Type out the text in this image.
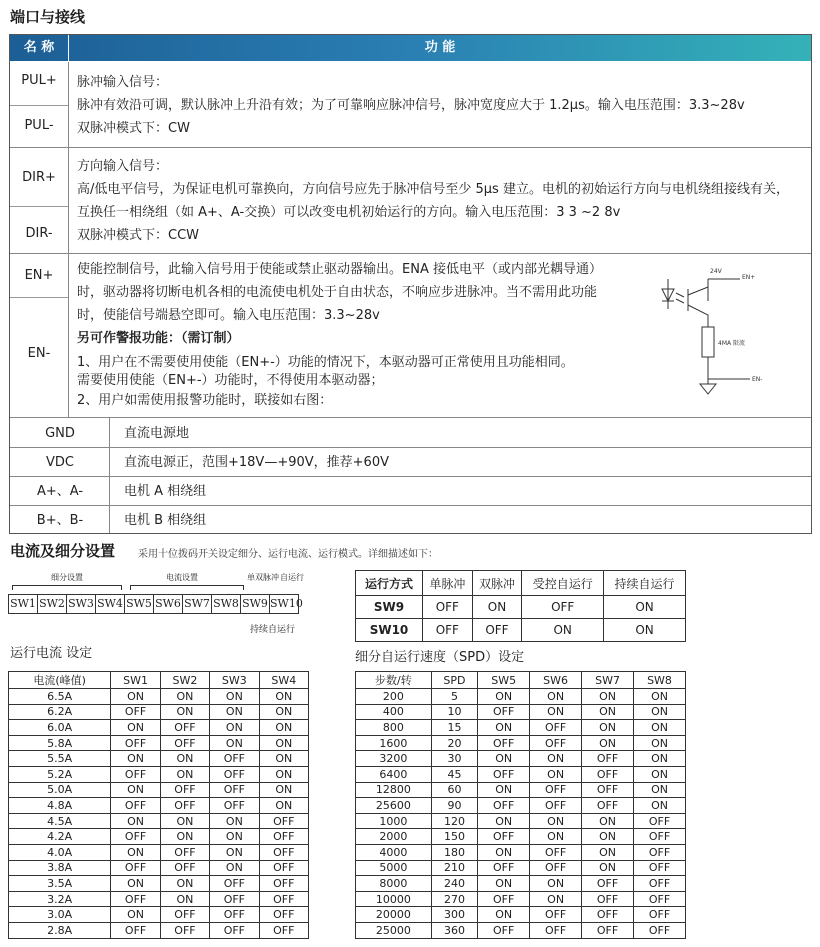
端口与接线
名 称	功 能
PUL+
PUL-
脉冲输入信号：
脉冲有效沿可调，默认脉冲上升沿有效；为了可靠响应脉冲信号，脉冲宽度应大于 1.2μs。输入电压范围：3.3~28v
双脉冲模式下：CW
DIR+
DIR-
方向输入信号：
高/低电平信号，为保证电机可靠换向，方向信号应先于脉冲信号至少 5μs 建立。电机的初始运行方向与电机绕组接线有关，
互换任一相绕组（如 A+、A-交换）可以改变电机初始运行的方向。输入电压范围：3 3 ~2 8v
双脉冲模式下：CCW
EN+
EN-
使能控制信号，此输入信号用于使能或禁止驱动器输出。ENA 接低电平（或内部光耦导通）
时，驱动器将切断电机各相的电流使电机处于自由状态，不响应步进脉冲。当不需用此功能
时，使能信号端悬空即可。输入电压范围：3.3~28v
另可作警报功能：（需订制）
1、用户在不需要使用使能（EN+-）功能的情况下，本驱动器可正常使用且功能相同。
需要使用使能（EN+-）功能时，不得使用本驱动器；
2、用户如需使用报警功能时，联接如右图：
24V
EN+
4MA 限流
EN-
GND	直流电源地
VDC	直流电源正，范围+18V—+90V，推荐+60V
A+、A-	电机 A 相绕组
B+、B-	电机 B 相绕组
电流及细分设置 采用十位拨码开关设定细分、运行电流、运行模式。详细描述如下：
细分设置	电流设置	单双脉冲 自运行
SW1 SW2 SW3 SW4 SW5 SW6 SW7 SW8 SW9 SW10
持续自运行
运行方式	单脉冲	双脉冲	受控自运行	持续自运行
SW9	OFF	ON	OFF	ON
SW10	OFF	OFF	ON	ON
运行电流 设定	细分自运行速度（SPD）设定
电流(峰值)	SW1	SW2	SW3	SW4
6.5A	ON	ON	ON	ON
6.2A	OFF	ON	ON	ON
6.0A	ON	OFF	ON	ON
5.8A	OFF	OFF	ON	ON
5.5A	ON	ON	OFF	ON
5.2A	OFF	ON	OFF	ON
5.0A	ON	OFF	OFF	ON
4.8A	OFF	OFF	OFF	ON
4.5A	ON	ON	ON	OFF
4.2A	OFF	ON	ON	OFF
4.0A	ON	OFF	ON	OFF
3.8A	OFF	OFF	ON	OFF
3.5A	ON	ON	OFF	OFF
3.2A	OFF	ON	OFF	OFF
3.0A	ON	OFF	OFF	OFF
2.8A	OFF	OFF	OFF	OFF
步数/转	SPD	SW5	SW6	SW7	SW8
200	5	ON	ON	ON	ON
400	10	OFF	ON	ON	ON
800	15	ON	OFF	ON	ON
1600	20	OFF	OFF	ON	ON
3200	30	ON	ON	OFF	ON
6400	45	OFF	ON	OFF	ON
12800	60	ON	OFF	OFF	ON
25600	90	OFF	OFF	OFF	ON
1000	120	ON	ON	ON	OFF
2000	150	OFF	ON	ON	OFF
4000	180	ON	OFF	ON	OFF
5000	210	OFF	OFF	ON	OFF
8000	240	ON	ON	OFF	OFF
10000	270	OFF	ON	OFF	OFF
20000	300	ON	OFF	OFF	OFF
25000	360	OFF	OFF	OFF	OFF
